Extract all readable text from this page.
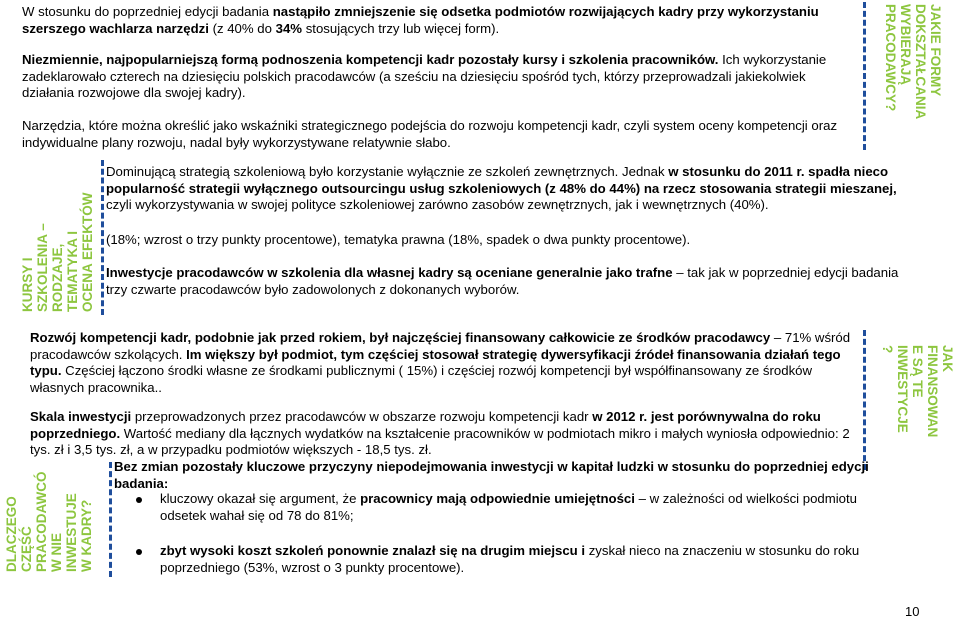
W stosunku do poprzedniej edycji badania nastąpiło zmniejszenie się odsetka podmiotów rozwijających kadry przy wykorzystaniu szerszego wachlarza narzędzi (z 40% do 34% stosujących trzy lub więcej form).

Niezmiennie, najpopularniejszą formą podnoszenia kompetencji kadr pozostały kursy i szkolenia pracowników. Ich wykorzystanie zadeklarowało czterech na dziesięciu polskich pracodawców (a sześciu na dziesięciu spośród tych, którzy przeprowadzali jakiekolwiek działania rozwojowe dla swojej kadry).

Narzędzia, które można określić jako wskaźniki strategicznego podejścia do rozwoju kompetencji kadr, czyli system oceny kompetencji oraz indywidualne plany rozwoju, nadal były wykorzystywane relatywnie słabo.

JAKIE FORMY
DOKSZTAŁCANIA
WYBIERAJĄ
PRACODAWCY?
KURSY I SZKOLENIA – RODZAJE, TEMATYKA I OCENA EFEKTÓW

Dominującą strategią szkoleniową było korzystanie wyłącznie ze szkoleń zewnętrznych. Jednak w stosunku do 2011 r. spadła nieco popularność strategii wyłącznego outsourcingu usług szkoleniowych (z 48% do 44%) na rzecz stosowania strategii mieszanej, czyli wykorzystywania w swojej polityce szkoleniowej zarówno zasobów zewnętrznych, jak i wewnętrznych (40%).

(18%; wzrost o trzy punkty procentowe), tematyka prawna (18%, spadek o dwa punkty procentowe).

Inwestycje pracodawców w szkolenia dla własnej kadry są oceniane generalnie jako trafne – tak jak w poprzedniej edycji badania trzy czwarte pracodawców było zadowolonych z dokonanych wyborów.

Rozwój kompetencji kadr, podobnie jak przed rokiem, był najczęściej finansowany całkowicie ze środków pracodawcy – 71% wśród pracodawców szkolących. Im większy był podmiot, tym częściej stosował strategię dywersyfikacji źródeł finansowania działań tego typu. Częściej łączono środki własne ze środkami publicznymi ( 15%) i częściej rozwój kompetencji był współfinansowany ze środków własnych pracownika..

Skala inwestycji przeprowadzonych przez pracodawców w obszarze rozwoju kompetencji kadr w 2012 r. jest porównywalna do roku poprzedniego. Wartość mediany dla łącznych wydatków na kształcenie pracowników w podmiotach mikro i małych wyniosła odpowiednio: 2 tys. zł i 3,5 tys. zł, a w przypadku podmiotów większych - 18,5 tys. zł.

JAK
FINANSOWAN
E SĄ TE
INWESTYCJE
?
DLACZEGO CZĘŚĆ PRACODAWCÓ W NIE INWESTUJE W KADRY?

Bez zmian pozostały kluczowe przyczyny niepodejmowania inwestycji w kapitał ludzki w stosunku do poprzedniej edycji badania:

kluczowy okazał się argument, że pracownicy mają odpowiednie umiejętności – w zależności od wielkości podmiotu odsetek wahał się od 78 do 81%;

zbyt wysoki koszt szkoleń ponownie znalazł się na drugim miejscu i zyskał nieco na znaczeniu w stosunku do roku poprzedniego (53%, wzrost o 3 punkty procentowe).

10
